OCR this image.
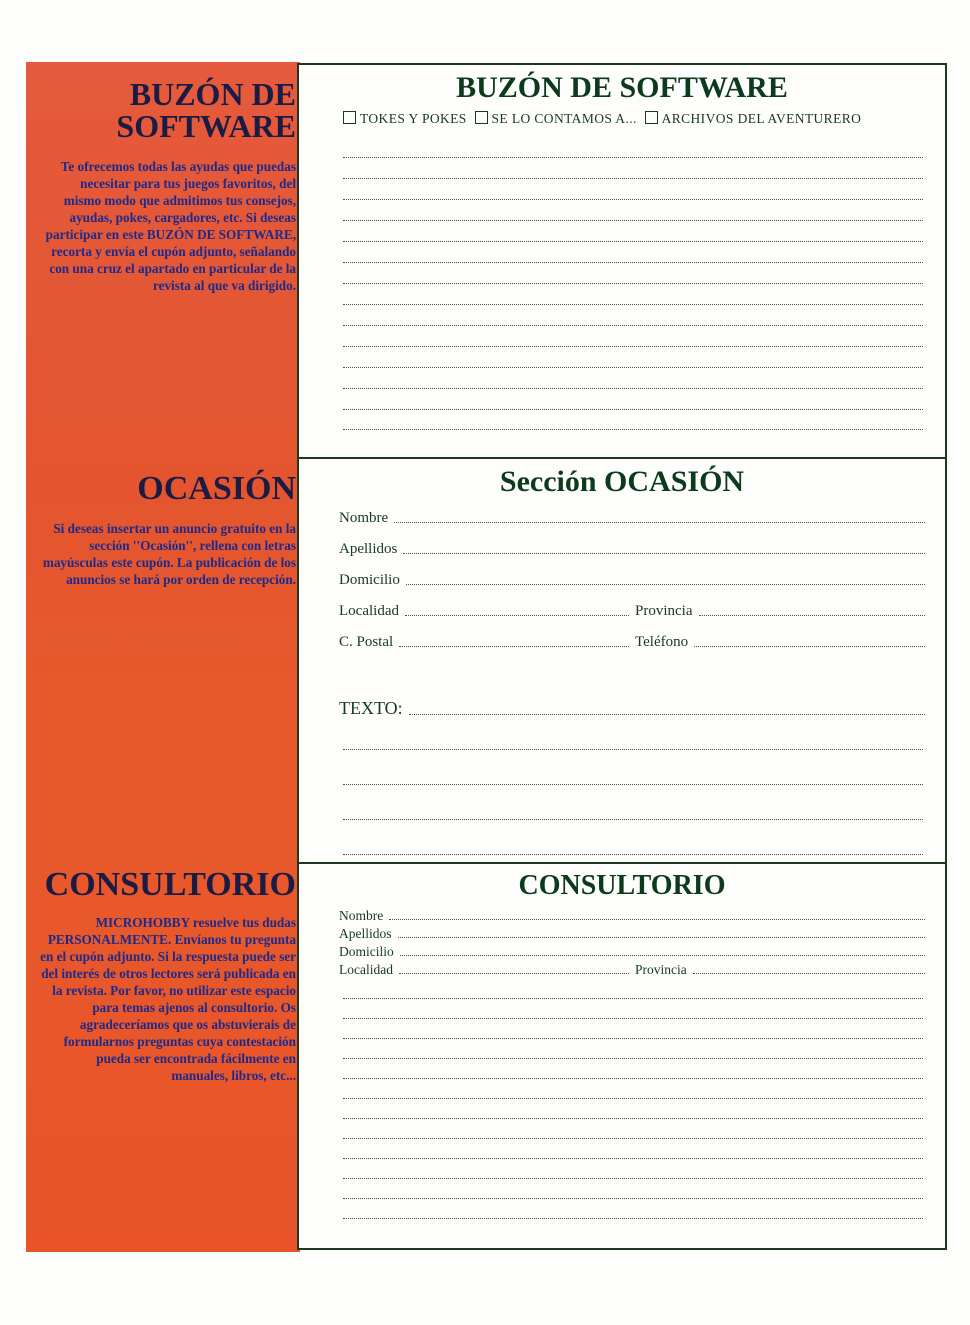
BUZÓN DE
SOFTWARE
Te ofrecemos todas las ayudas que puedas necesitar para tus juegos favoritos, del mismo modo que admitimos tus consejos, ayudas, pokes, cargadores, etc. Si deseas participar en este BUZÓN DE SOFTWARE, recorta y envía el cupón adjunto, señalando con una cruz el apartado en particular de la revista al que va dirigido.
OCASIÓN
Si deseas insertar un anuncio gratuito en la sección ''Ocasión'', rellena con letras mayúsculas este cupón. La publicación de los anuncios se hará por orden de recepción.
CONSULTORIO
MICROHOBBY resuelve tus dudas PERSONALMENTE. Envíanos tu pregunta en el cupón adjunto. Si la respuesta puede ser del interés de otros lectores será publicada en la revista. Por favor, no utilizar este espacio para temas ajenos al consultorio. Os agradeceríamos que os abstuvierais de formularnos preguntas cuya contestación pueda ser encontrada fácilmente en manuales, libros, etc...
BUZÓN DE SOFTWARE
TOKES Y POKES SE LO CONTAMOS A... ARCHIVOS DEL AVENTURERO
Sección OCASIÓN
Nombre
Apellidos
Domicilio
Localidad	Provincia
C. Postal	Teléfono
TEXTO:
CONSULTORIO
Nombre
Apellidos
Domicilio
Localidad	Provincia
